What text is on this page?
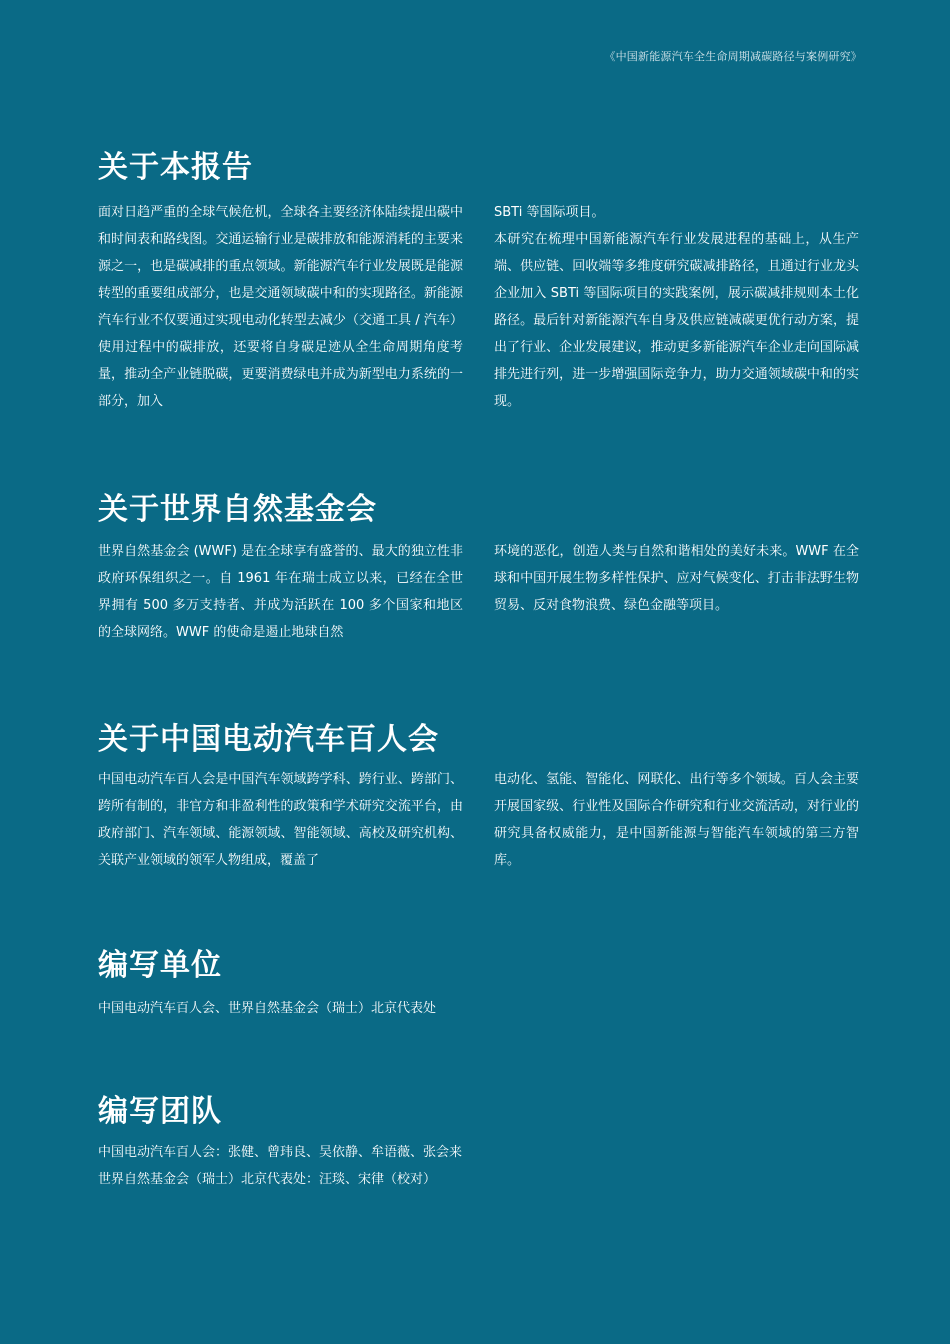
《中国新能源汽车全生命周期减碳路径与案例研究》
关于本报告

面对日趋严重的全球气候危机，全球各主要经济体陆续提出碳中和时间表和路线图。交通运输行业是碳排放和能源消耗的主要来源之一，也是碳减排的重点领域。新能源汽车行业发展既是能源转型的重要组成部分，也是交通领域碳中和的实现路径。新能源汽车行业不仅要通过实现电动化转型去减少（交通工具 / 汽车）使用过程中的碳排放，还要将自身碳足迹从全生命周期角度考量，推动全产业链脱碳，更要消费绿电并成为新型电力系统的一部分，加入

SBTi 等国际项目。

本研究在梳理中国新能源汽车行业发展进程的基础上，从生产端、供应链、回收端等多维度研究碳减排路径，且通过行业龙头企业加入 SBTi 等国际项目的实践案例，展示碳减排规则本土化路径。最后针对新能源汽车自身及供应链减碳更优行动方案，提出了行业、企业发展建议，推动更多新能源汽车企业走向国际减排先进行列，进一步增强国际竞争力，助力交通领域碳中和的实现。

关于世界自然基金会

世界自然基金会 (WWF) 是在全球享有盛誉的、最大的独立性非政府环保组织之一。自 1961 年在瑞士成立以来，已经在全世界拥有 500 多万支持者、并成为活跃在 100 多个国家和地区的全球网络。WWF 的使命是遏止地球自然

环境的恶化，创造人类与自然和谐相处的美好未来。WWF 在全球和中国开展生物多样性保护、应对气候变化、打击非法野生物贸易、反对食物浪费、绿色金融等项目。

关于中国电动汽车百人会

中国电动汽车百人会是中国汽车领域跨学科、跨行业、跨部门、跨所有制的，非官方和非盈利性的政策和学术研究交流平台，由政府部门、汽车领域、能源领域、智能领域、高校及研究机构、关联产业领域的领军人物组成，覆盖了

电动化、氢能、智能化、网联化、出行等多个领域。百人会主要开展国家级、行业性及国际合作研究和行业交流活动，对行业的研究具备权威能力，是中国新能源与智能汽车领域的第三方智库。

编写单位

中国电动汽车百人会、世界自然基金会（瑞士）北京代表处

编写团队

中国电动汽车百人会：张健、曾玮良、吴依静、牟语薇、张会来

世界自然基金会（瑞士）北京代表处：汪琰、宋律（校对）
